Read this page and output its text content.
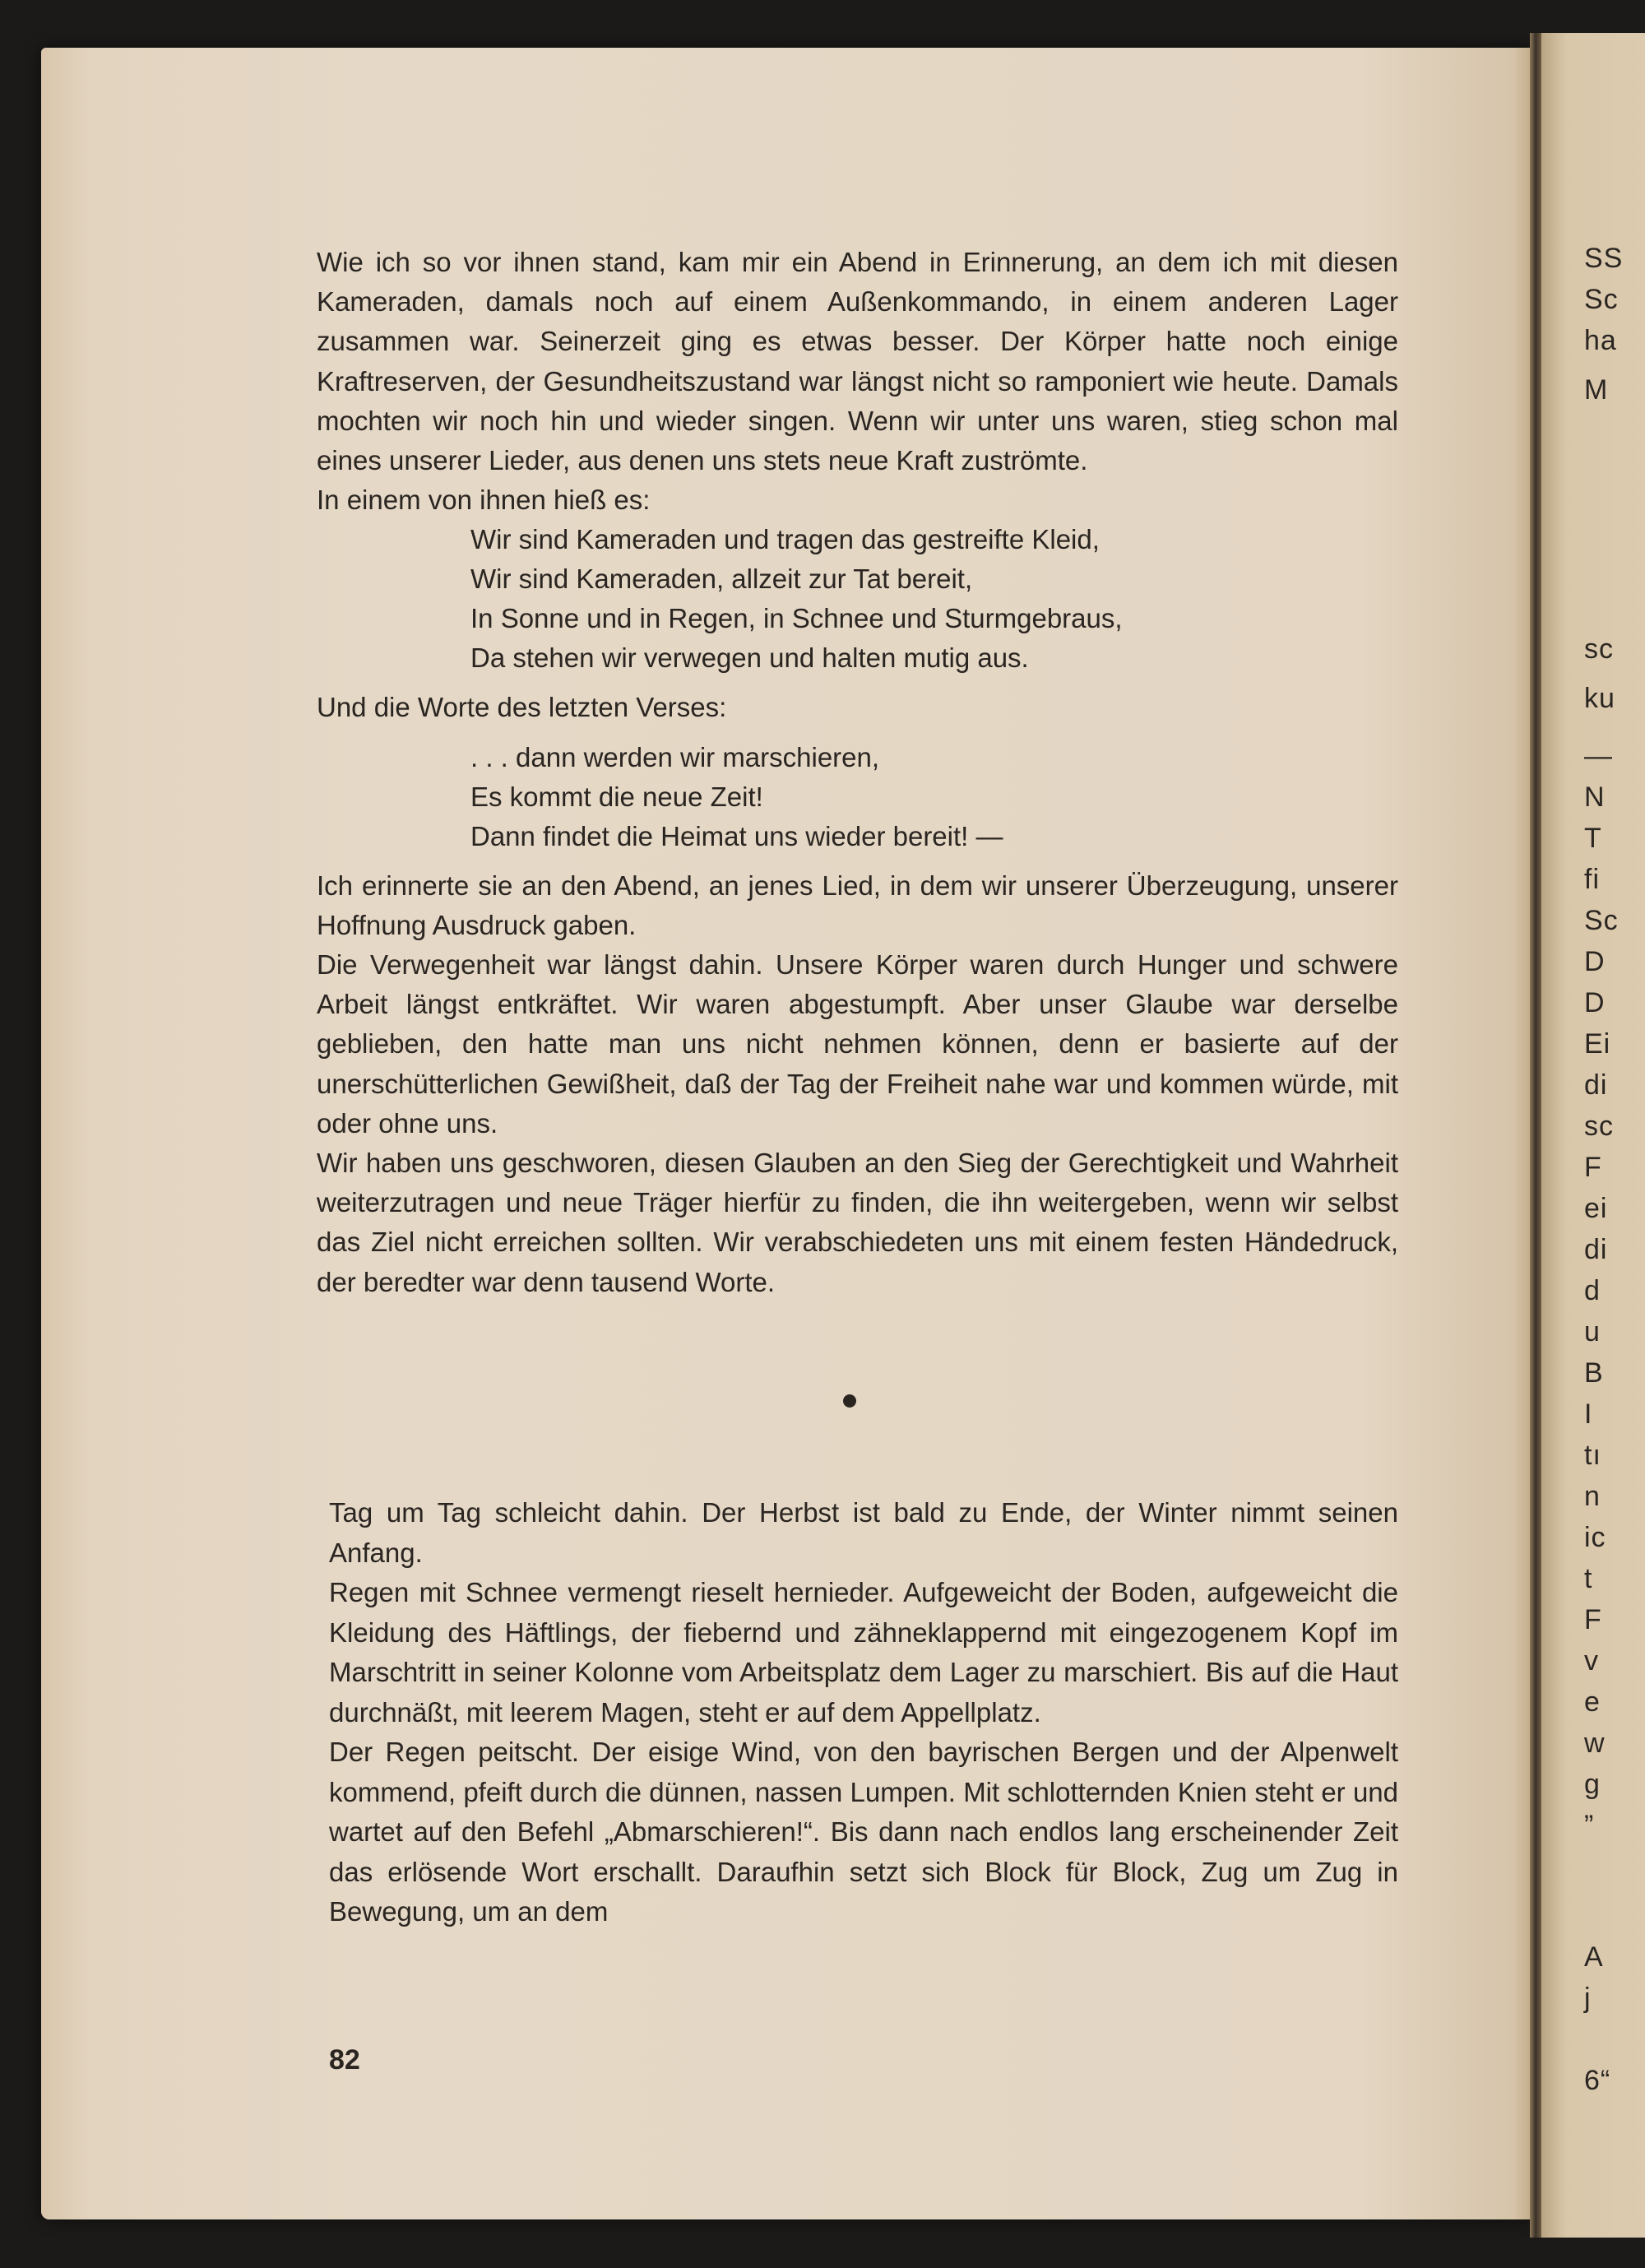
SS
Sc
ha
M
sc
ku
—
N
T
fi
Sc
D
D
Ei
di
sc
F
ei
di
d
u
B
I
tı
n
ic
t
F
v
e
w
g
”
A
j
6“

Wie ich so vor ihnen stand, kam mir ein Abend in Erinnerung, an dem ich mit diesen Kameraden, damals noch auf einem Außenkommando, in einem anderen Lager zusammen war. Seinerzeit ging es etwas besser. Der Körper hatte noch einige Kraftreserven, der Gesundheitszustand war längst nicht so ramponiert wie heute. Damals mochten wir noch hin und wieder singen. Wenn wir unter uns waren, stieg schon mal eines unserer Lieder, aus denen uns stets neue Kraft zuströmte.

In einem von ihnen hieß es:

Wir sind Kameraden und tragen das gestreifte Kleid,
Wir sind Kameraden, allzeit zur Tat bereit,
In Sonne und in Regen, in Schnee und Sturmgebraus,
Da stehen wir verwegen und halten mutig aus.

Und die Worte des letzten Verses:

. . . dann werden wir marschieren,
Es kommt die neue Zeit!
Dann findet die Heimat uns wieder bereit! —

Ich erinnerte sie an den Abend, an jenes Lied, in dem wir unserer Überzeugung, unserer Hoffnung Ausdruck gaben.

Die Verwegenheit war längst dahin. Unsere Körper waren durch Hunger und schwere Arbeit längst entkräftet. Wir waren abgestumpft. Aber unser Glaube war derselbe geblieben, den hatte man uns nicht nehmen können, denn er basierte auf der unerschütterlichen Gewißheit, daß der Tag der Freiheit nahe war und kommen würde, mit oder ohne uns.

Wir haben uns geschworen, diesen Glauben an den Sieg der Gerechtigkeit und Wahrheit weiterzutragen und neue Träger hierfür zu finden, die ihn weitergeben, wenn wir selbst das Ziel nicht erreichen sollten. Wir verabschiedeten uns mit einem festen Händedruck, der beredter war denn tausend Worte.

Tag um Tag schleicht dahin. Der Herbst ist bald zu Ende, der Winter nimmt seinen Anfang.

Regen mit Schnee vermengt rieselt hernieder. Aufgeweicht der Boden, aufgeweicht die Kleidung des Häftlings, der fiebernd und zähneklappernd mit eingezogenem Kopf im Marschtritt in seiner Kolonne vom Arbeitsplatz dem Lager zu marschiert. Bis auf die Haut durchnäßt, mit leerem Magen, steht er auf dem Appellplatz.

Der Regen peitscht. Der eisige Wind, von den bayrischen Bergen und der Alpenwelt kommend, pfeift durch die dünnen, nassen Lumpen. Mit schlotternden Knien steht er und wartet auf den Befehl „Abmarschieren!“. Bis dann nach endlos lang erscheinender Zeit das erlösende Wort erschallt. Daraufhin setzt sich Block für Block, Zug um Zug in Bewegung, um an dem

82
